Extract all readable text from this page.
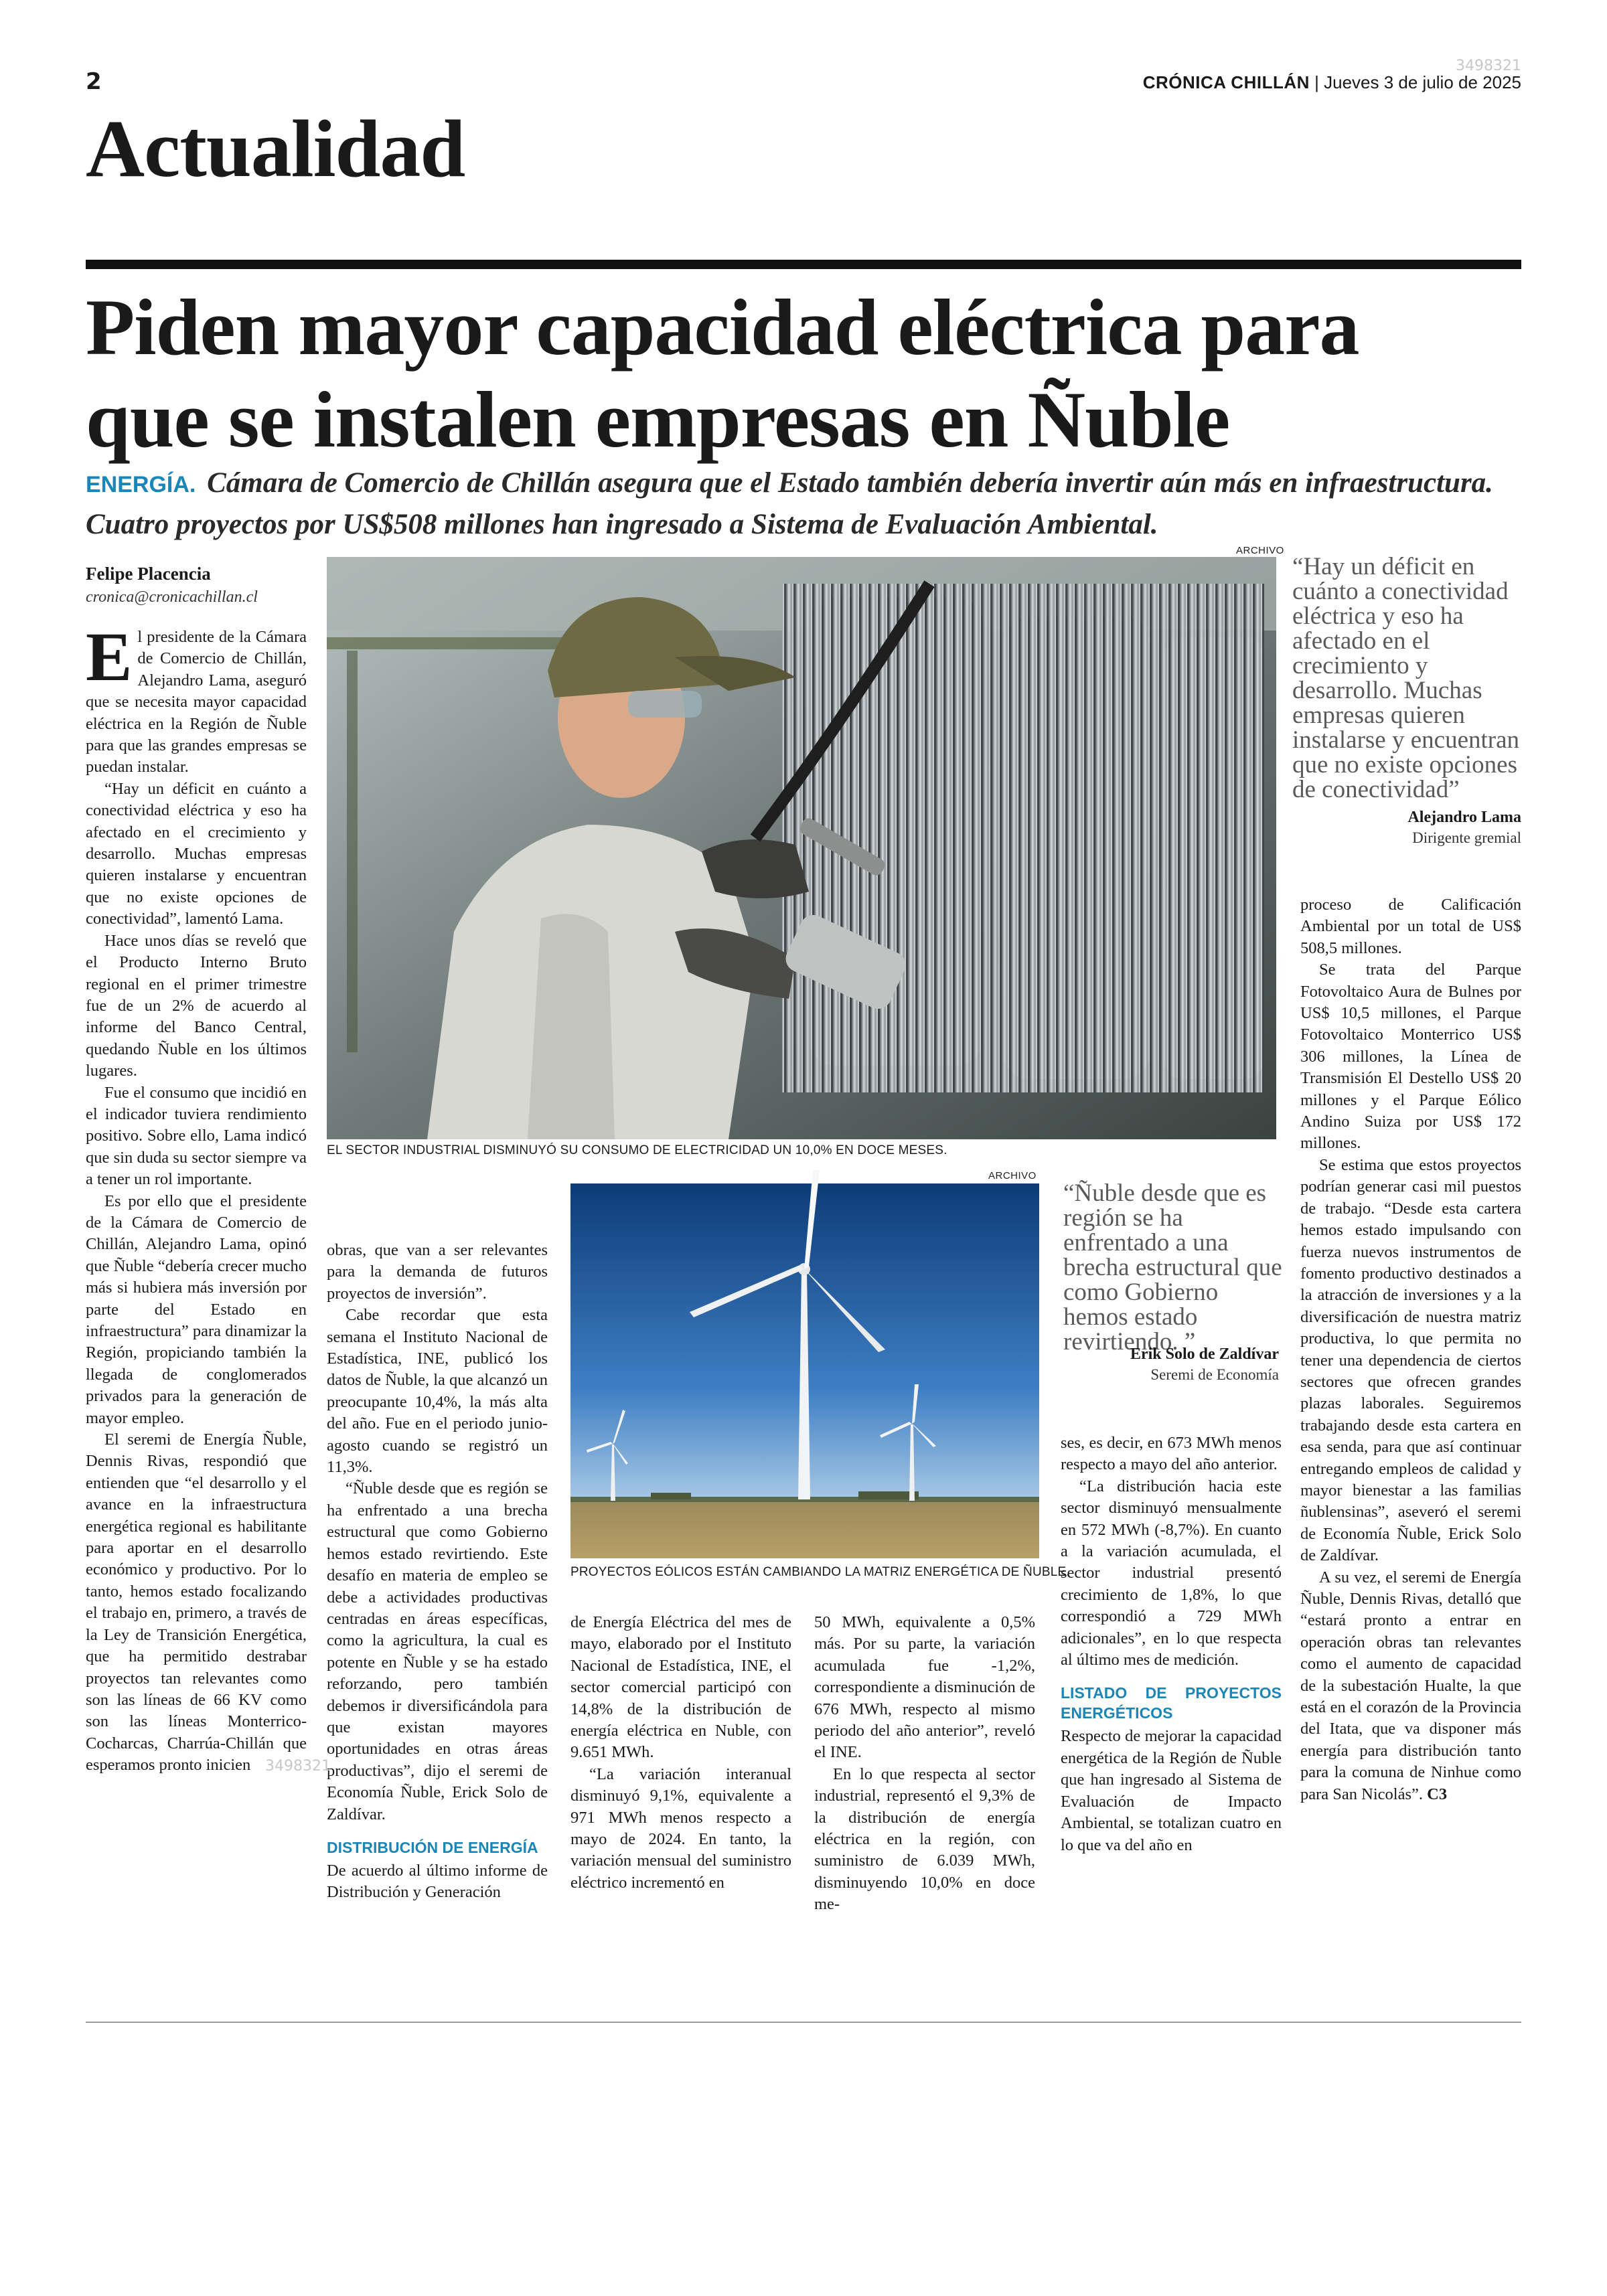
2
3498321
CRÓNICA CHILLÁN | Jueves 3 de julio de 2025
Actualidad
Piden mayor capacidad eléctrica para
que se instalen empresas en Ñuble
ENERGÍA. Cámara de Comercio de Chillán asegura que el Estado también debería invertir aún más en infraestructura. Cuatro proyectos por US$508 millones han ingresado a Sistema de Evaluación Ambiental.
Felipe Placencia
cronica@cronicachillan.cl

El presidente de la Cámara de Comercio de Chillán, Alejandro Lama, aseguró que se necesita mayor capacidad eléctrica en la Región de Ñuble para que las grandes empresas se puedan instalar.

“Hay un déficit en cuánto a conectividad eléctrica y eso ha afectado en el crecimiento y desarrollo. Muchas empresas quieren instalarse y encuentran que no existe opciones de conectividad”, lamentó Lama.

Hace unos días se reveló que el Producto Interno Bruto regional en el primer trimestre fue de un 2% de acuerdo al informe del Banco Central, quedando Ñuble en los últimos lugares.

Fue el consumo que incidió en el indicador tuviera rendimiento positivo. Sobre ello, Lama indicó que sin duda su sector siempre va a tener un rol importante.

Es por ello que el presidente de la Cámara de Comercio de Chillán, Alejandro Lama, opinó que Ñuble “debería crecer mucho más si hubiera más inversión por parte del Estado en infraestructura” para dinamizar la Región, propiciando también la llegada de conglomerados privados para la generación de mayor empleo.

El seremi de Energía Ñuble, Dennis Rivas, respondió que entienden que “el desarrollo y el avance en la infraestructura energética regional es habilitante para aportar en el desarrollo económico y productivo. Por lo tanto, hemos estado focalizando el trabajo en, primero, a través de la Ley de Transición Energética, que ha permitido destrabar proyectos tan relevantes como son las líneas de 66 KV como son las líneas Monterrico-Cocharcas, Charrúa-Chillán que esperamos pronto inicien

ARCHIVO
EL SECTOR INDUSTRIAL DISMINUYÓ SU CONSUMO DE ELECTRICIDAD UN 10,0% EN DOCE MESES.
“Hay un déficit en cuánto a conectividad eléctrica y eso ha afectado en el crecimiento y desarrollo. Muchas empresas quieren instalarse y encuentran que no existe opciones de conectividad”
Alejandro Lama
Dirigente gremial

obras, que van a ser relevantes para la demanda de futuros proyectos de inversión”.

Cabe recordar que esta semana el Instituto Nacional de Estadística, INE, publicó los datos de Ñuble, la que alcanzó un preocupante 10,4%, la más alta del año. Fue en el periodo junio-agosto cuando se registró un 11,3%.

“Ñuble desde que es región se ha enfrentado a una brecha estructural que como Gobierno hemos estado revirtiendo. Este desafío en materia de empleo se debe a actividades productivas centradas en áreas específicas, como la agricultura, la cual es potente en Ñuble y se ha estado reforzando, pero también debemos ir diversificándola para que existan mayores oportunidades en otras áreas productivas”, dijo el seremi de Economía Ñuble, Erick Solo de Zaldívar.

DISTRIBUCIÓN DE ENERGÍA

De acuerdo al último informe de Distribución y Generación

3498321
ARCHIVO
PROYECTOS EÓLICOS ESTÁN CAMBIANDO LA MATRIZ ENERGÉTICA DE ÑUBLE.

de Energía Eléctrica del mes de mayo, elaborado por el Instituto Nacional de Estadística, INE, el sector comercial participó con 14,8% de la distribución de energía eléctrica en Nuble, con 9.651 MWh.

“La variación interanual disminuyó 9,1%, equivalente a 971 MWh menos respecto a mayo de 2024. En tanto, la variación mensual del suministro eléctrico incrementó en

50 MWh, equivalente a 0,5% más. Por su parte, la variación acumulada fue -1,2%, correspondiente a disminución de 676 MWh, respecto al mismo periodo del año anterior”, reveló el INE.

En lo que respecta al sector industrial, representó el 9,3% de la distribución de energía eléctrica en la región, con suministro de 6.039 MWh, disminuyendo 10,0% en doce me-

“Ñuble desde que es región se ha enfrentado a una brecha estructural que como Gobierno hemos estado revirtiendo. ”
Erik Solo de Zaldívar
Seremi de Economía

ses, es decir, en 673 MWh menos respecto a mayo del año anterior.

“La distribución hacia este sector disminuyó mensualmente en 572 MWh (-8,7%). En cuanto a la variación acumulada, el sector industrial presentó crecimiento de 1,8%, lo que correspondió a 729 MWh adicionales”, en lo que respecta al último mes de medición.

LISTADO DE PROYECTOS ENERGÉTICOS

Respecto de mejorar la capacidad energética de la Región de Ñuble que han ingresado al Sistema de Evaluación de Impacto Ambiental, se totalizan cuatro en lo que va del año en

proceso de Calificación Ambiental por un total de US$ 508,5 millones.

Se trata del Parque Fotovoltaico Aura de Bulnes por US$ 10,5 millones, el Parque Fotovoltaico Monterrico US$ 306 millones, la Línea de Transmisión El Destello US$ 20 millones y el Parque Eólico Andino Suiza por US$ 172 millones.

Se estima que estos proyectos podrían generar casi mil puestos de trabajo. “Desde esta cartera hemos estado impulsando con fuerza nuevos instrumentos de fomento productivo destinados a la atracción de inversiones y a la diversificación de nuestra matriz productiva, lo que permita no tener una dependencia de ciertos sectores que ofrecen grandes plazas laborales. Seguiremos trabajando desde esta cartera en esa senda, para que así continuar entregando empleos de calidad y mayor bienestar a las familias ñublensinas”, aseveró el seremi de Economía Ñuble, Erick Solo de Zaldívar.

A su vez, el seremi de Energía Ñuble, Dennis Rivas, detalló que “estará pronto a entrar en operación obras tan relevantes como el aumento de capacidad de la subestación Hualte, la que está en el corazón de la Provincia del Itata, que va disponer más energía para distribución tanto para la comuna de Ninhue como para San Nicolás”. C3
